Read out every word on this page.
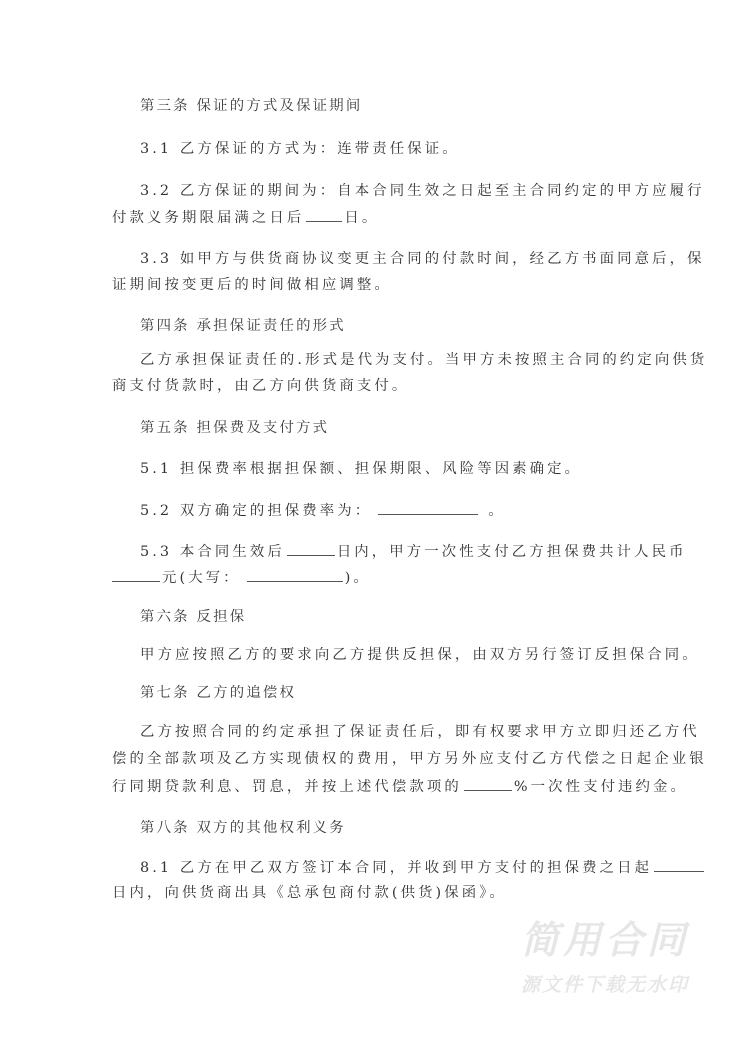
第三条 保证的方式及保证期间
3.1 乙方保证的方式为：连带责任保证。
3.2 乙方保证的期间为：自本合同生效之日起至主合同约定的甲方应履行
付款义务期限届满之日后	日。
3.3 如甲方与供货商协议变更主合同的付款时间，经乙方书面同意后，保
证期间按变更后的时间做相应调整。
第四条 承担保证责任的形式
乙方承担保证责任的.形式是代为支付。当甲方未按照主合同的约定向供货
商支付货款时，由乙方向供货商支付。
第五条 担保费及支付方式
5.1 担保费率根据担保额、担保期限、风险等因素确定。
5.2 双方确定的担保费率为：	。
5.3 本合同生效后	日内，甲方一次性支付乙方担保费共计人民币
元(大写：	)。
第六条 反担保
甲方应按照乙方的要求向乙方提供反担保，由双方另行签订反担保合同。
第七条 乙方的追偿权
乙方按照合同的约定承担了保证责任后，即有权要求甲方立即归还乙方代
偿的全部款项及乙方实现债权的费用，甲方另外应支付乙方代偿之日起企业银
行同期贷款利息、罚息，并按上述代偿款项的	%一次性支付违约金。
第八条 双方的其他权利义务
8.1 乙方在甲乙双方签订本合同，并收到甲方支付的担保费之日起
日内，向供货商出具《总承包商付款(供货)保函》。
简用合同
源文件下载无水印
